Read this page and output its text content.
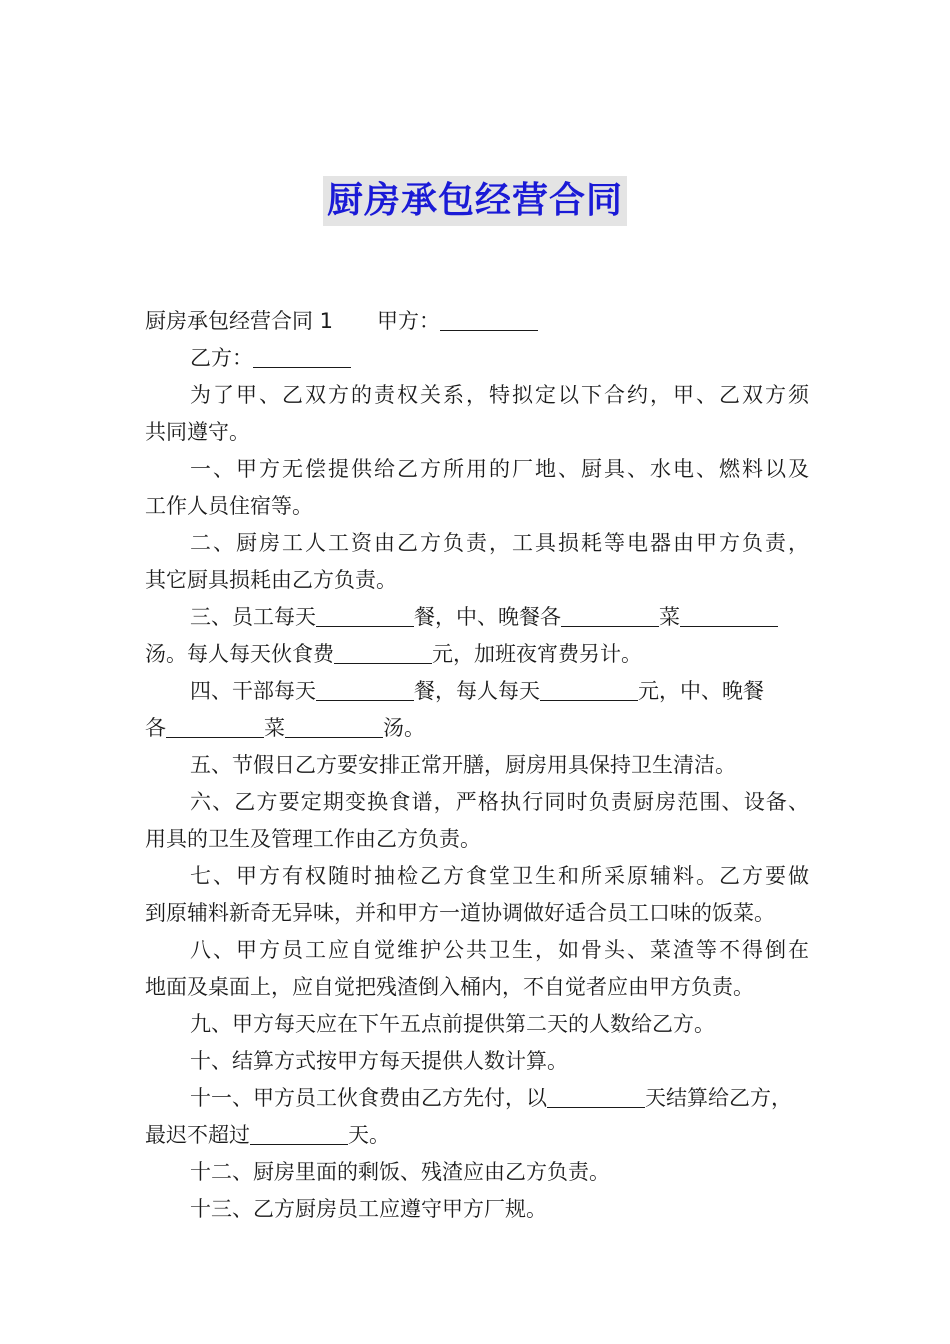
厨房承包经营合同
厨房承包经营合同 1 甲方：
乙方：
为了甲、乙双方的责权关系，特拟定以下合约，甲、乙双方须
共同遵守。
一、甲方无偿提供给乙方所用的厂地、厨具、水电、燃料以及
工作人员住宿等。
二、厨房工人工资由乙方负责，工具损耗等电器由甲方负责，
其它厨具损耗由乙方负责。
三、员工每天	餐，中、晚餐各	菜
汤。每人每天伙食费	元，加班夜宵费另计。
四、干部每天	餐，每人每天	元，中、晚餐
各	菜	汤。
五、节假日乙方要安排正常开膳，厨房用具保持卫生清洁。
六、乙方要定期变换食谱，严格执行同时负责厨房范围、设备、
用具的卫生及管理工作由乙方负责。
七、甲方有权随时抽检乙方食堂卫生和所采原辅料。乙方要做
到原辅料新奇无异味，并和甲方一道协调做好适合员工口味的饭菜。
八、甲方员工应自觉维护公共卫生，如骨头、菜渣等不得倒在
地面及桌面上，应自觉把残渣倒入桶内，不自觉者应由甲方负责。
九、甲方每天应在下午五点前提供第二天的人数给乙方。
十、结算方式按甲方每天提供人数计算。
十一、甲方员工伙食费由乙方先付，以	天结算给乙方，
最迟不超过	天。
十二、厨房里面的剩饭、残渣应由乙方负责。
十三、乙方厨房员工应遵守甲方厂规。
